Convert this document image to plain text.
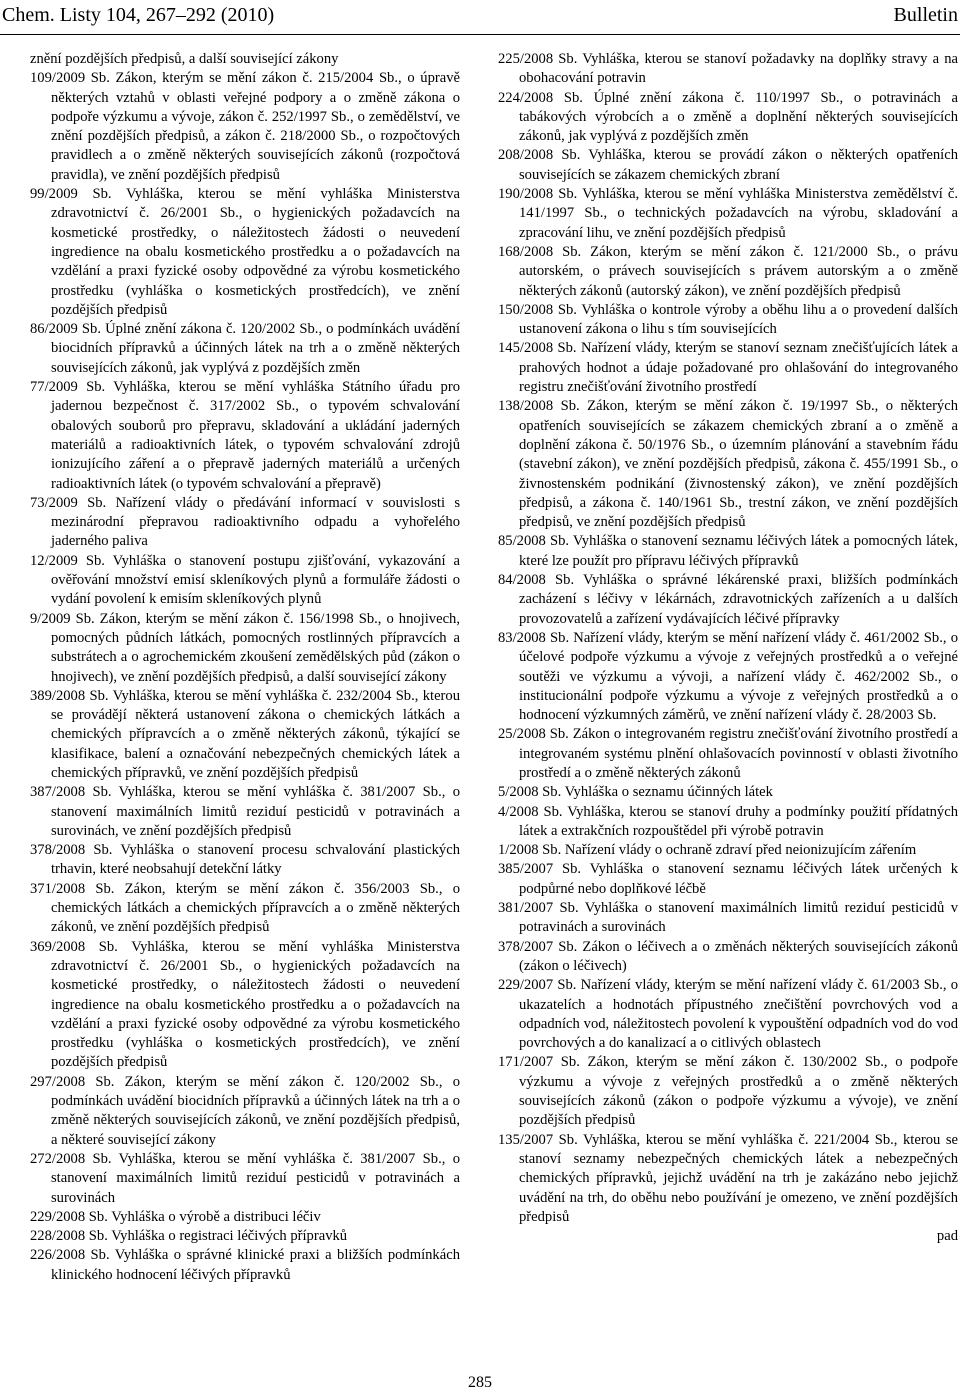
Chem. Listy 104, 267–292 (2010)	Bulletin

znění pozdějších předpisů, a další související zákony

109/2009 Sb. Zákon, kterým se mění zákon č. 215/2004 Sb., o úpravě některých vztahů v oblasti veřejné podpory a o změně zákona o podpoře výzkumu a vývoje, zákon č. 252/1997 Sb., o zemědělství, ve znění pozdějších předpisů, a zákon č. 218/2000 Sb., o rozpočtových pravidlech a o změně některých souvisejících zákonů (rozpočtová pravidla), ve znění pozdějších předpisů

99/2009 Sb. Vyhláška, kterou se mění vyhláška Ministerstva zdravotnictví č. 26/2001 Sb., o hygienických požadavcích na kosmetické prostředky, o náležitostech žádosti o neuvedení ingredience na obalu kosmetického prostředku a o požadavcích na vzdělání a praxi fyzické osoby odpovědné za výrobu kosmetického prostředku (vyhláška o kosmetických prostředcích), ve znění pozdějších předpisů

86/2009 Sb. Úplné znění zákona č. 120/2002 Sb., o podmínkách uvádění biocidních přípravků a účinných látek na trh a o změně některých souvisejících zákonů, jak vyplývá z pozdějších změn

77/2009 Sb. Vyhláška, kterou se mění vyhláška Státního úřadu pro jadernou bezpečnost č. 317/2002 Sb., o typovém schvalování obalových souborů pro přepravu, skladování a ukládání jaderných materiálů a radioaktivních látek, o typovém schvalování zdrojů ionizujícího záření a o přepravě jaderných materiálů a určených radioaktivních látek (o typovém schvalování a přepravě)

73/2009 Sb. Nařízení vlády o předávání informací v souvislosti s mezinárodní přepravou radioaktivního odpadu a vyhořelého jaderného paliva

12/2009 Sb. Vyhláška o stanovení postupu zjišťování, vykazování a ověřování množství emisí skleníkových plynů a formuláře žádosti o vydání povolení k emisím skleníkových plynů

9/2009 Sb. Zákon, kterým se mění zákon č. 156/1998 Sb., o hnojivech, pomocných půdních látkách, pomocných rostlinných přípravcích a substrátech a o agrochemickém zkoušení zemědělských půd (zákon o hnojivech), ve znění pozdějších předpisů, a další související zákony

389/2008 Sb. Vyhláška, kterou se mění vyhláška č. 232/2004 Sb., kterou se provádějí některá ustanovení zákona o chemických látkách a chemických přípravcích a o změně některých zákonů, týkající se klasifikace, balení a označování nebezpečných chemických látek a chemických přípravků, ve znění pozdějších předpisů

387/2008 Sb. Vyhláška, kterou se mění vyhláška č. 381/2007 Sb., o stanovení maximálních limitů reziduí pesticidů v potravinách a surovinách, ve znění pozdějších předpisů

378/2008 Sb. Vyhláška o stanovení procesu schvalování plastických trhavin, které neobsahují detekční látky

371/2008 Sb. Zákon, kterým se mění zákon č. 356/2003 Sb., o chemických látkách a chemických přípravcích a o změně některých zákonů, ve znění pozdějších předpisů

369/2008 Sb. Vyhláška, kterou se mění vyhláška Ministerstva zdravotnictví č. 26/2001 Sb., o hygienických požadavcích na kosmetické prostředky, o náležitostech žádosti o neuvedení ingredience na obalu kosmetického prostředku a o požadavcích na vzdělání a praxi fyzické osoby odpovědné za výrobu kosmetického prostředku (vyhláška o kosmetických prostředcích), ve znění pozdějších předpisů

297/2008 Sb. Zákon, kterým se mění zákon č. 120/2002 Sb., o podmínkách uvádění biocidních přípravků a účinných látek na trh a o změně některých souvisejících zákonů, ve znění pozdějších předpisů, a některé související zákony

272/2008 Sb. Vyhláška, kterou se mění vyhláška č. 381/2007 Sb., o stanovení maximálních limitů reziduí pesticidů v potravinách a surovinách

229/2008 Sb. Vyhláška o výrobě a distribuci léčiv

228/2008 Sb. Vyhláška o registraci léčivých přípravků

226/2008 Sb. Vyhláška o správné klinické praxi a bližších podmínkách klinického hodnocení léčivých přípravků

225/2008 Sb. Vyhláška, kterou se stanoví požadavky na doplňky stravy a na obohacování potravin

224/2008 Sb. Úplné znění zákona č. 110/1997 Sb., o potravinách a tabákových výrobcích a o změně a doplnění některých souvisejících zákonů, jak vyplývá z pozdějších změn

208/2008 Sb. Vyhláška, kterou se provádí zákon o některých opatřeních souvisejících se zákazem chemických zbraní

190/2008 Sb. Vyhláška, kterou se mění vyhláška Ministerstva zemědělství č. 141/1997 Sb., o technických požadavcích na výrobu, skladování a zpracování lihu, ve znění pozdějších předpisů

168/2008 Sb. Zákon, kterým se mění zákon č. 121/2000 Sb., o právu autorském, o právech souvisejících s právem autorským a o změně některých zákonů (autorský zákon), ve znění pozdějších předpisů

150/2008 Sb. Vyhláška o kontrole výroby a oběhu lihu a o provedení dalších ustanovení zákona o lihu s tím souvisejících

145/2008 Sb. Nařízení vlády, kterým se stanoví seznam znečišťujících látek a prahových hodnot a údaje požadované pro ohlašování do integrovaného registru znečišťování životního prostředí

138/2008 Sb. Zákon, kterým se mění zákon č. 19/1997 Sb., o některých opatřeních souvisejících se zákazem chemických zbraní a o změně a doplnění zákona č. 50/1976 Sb., o územním plánování a stavebním řádu (stavební zákon), ve znění pozdějších předpisů, zákona č. 455/1991 Sb., o živnostenském podnikání (živnostenský zákon), ve znění pozdějších předpisů, a zákona č. 140/1961 Sb., trestní zákon, ve znění pozdějších předpisů, ve znění pozdějších předpisů

85/2008 Sb. Vyhláška o stanovení seznamu léčivých látek a pomocných látek, které lze použít pro přípravu léčivých přípravků

84/2008 Sb. Vyhláška o správné lékárenské praxi, bližších podmínkách zacházení s léčivy v lékárnách, zdravotnických zařízeních a u dalších provozovatelů a zařízení vydávajících léčivé přípravky

83/2008 Sb. Nařízení vlády, kterým se mění nařízení vlády č. 461/2002 Sb., o účelové podpoře výzkumu a vývoje z veřejných prostředků a o veřejné soutěži ve výzkumu a vývoji, a nařízení vlády č. 462/2002 Sb., o institucionální podpoře výzkumu a vývoje z veřejných prostředků a o hodnocení výzkumných záměrů, ve znění nařízení vlády č. 28/2003 Sb.

25/2008 Sb. Zákon o integrovaném registru znečišťování životního prostředí a integrovaném systému plnění ohlašovacích povinností v oblasti životního prostředí a o změně některých zákonů

5/2008 Sb. Vyhláška o seznamu účinných látek

4/2008 Sb. Vyhláška, kterou se stanoví druhy a podmínky použití přídatných látek a extrakčních rozpouštědel při výrobě potravin

1/2008 Sb. Nařízení vlády o ochraně zdraví před neionizujícím zářením

385/2007 Sb. Vyhláška o stanovení seznamu léčivých látek určených k podpůrné nebo doplňkové léčbě

381/2007 Sb. Vyhláška o stanovení maximálních limitů reziduí pesticidů v potravinách a surovinách

378/2007 Sb. Zákon o léčivech a o změnách některých souvisejících zákonů (zákon o léčivech)

229/2007 Sb. Nařízení vlády, kterým se mění nařízení vlády č. 61/2003 Sb., o ukazatelích a hodnotách přípustného znečištění povrchových vod a odpadních vod, náležitostech povolení k vypouštění odpadních vod do vod povrchových a do kanalizací a o citlivých oblastech

171/2007 Sb. Zákon, kterým se mění zákon č. 130/2002 Sb., o podpoře výzkumu a vývoje z veřejných prostředků a o změně některých souvisejících zákonů (zákon o podpoře výzkumu a vývoje), ve znění pozdějších předpisů

135/2007 Sb. Vyhláška, kterou se mění vyhláška č. 221/2004 Sb., kterou se stanoví seznamy nebezpečných chemických látek a nebezpečných chemických přípravků, jejichž uvádění na trh je zakázáno nebo jejichž uvádění na trh, do oběhu nebo používání je omezeno, ve znění pozdějších předpisů

pad

285
